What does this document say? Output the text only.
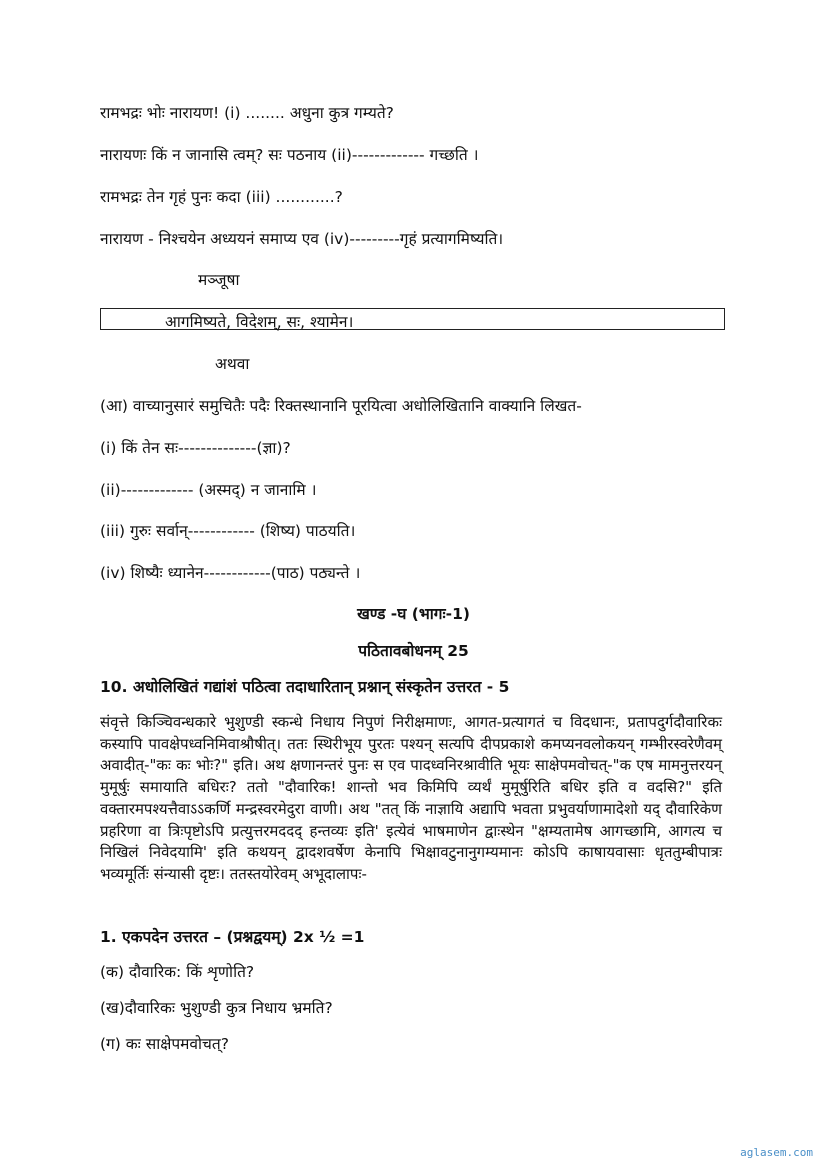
रामभद्रः भोः नारायण! (i) ........ अधुना कुत्र गम्यते?
नारायणः किं न जानासि त्वम्? सः पठनाय (ii)------------- गच्छति ।
रामभद्रः तेन गृहं पुनः कदा (iii) ............?
नारायण - निश्चयेन अध्ययनं समाप्य एव (iv)---------गृहं प्रत्यागमिष्यति।
मञ्जूषा
आगमिष्यते, विदेशम्, सः, श्यामेन।
अथवा
(आ) वाच्यानुसारं समुचितैः पदैः रिक्तस्थानानि पूरयित्वा अधोलिखितानि वाक्यानि लिखत-
(i) किं तेन सः--------------(ज्ञा)?
(ii)------------- (अस्मद्) न जानामि ।
(iii) गुरुः सर्वान्------------ (शिष्य) पाठयति।
(iv) शिष्यैः ध्यानेन------------(पाठ) पठ्यन्ते ।
खण्ड -घ (भागः-1)
पठितावबोधनम् 25
10. अधोलिखितं गद्यांशं पठित्वा तदाधारितान् प्रश्नान् संस्कृतेन उत्तरत - 5
संवृत्ते किञ्चिवन्धकारे भुशुण्डी स्कन्धे निधाय निपुणं निरीक्षमाणः, आगत-प्रत्यागतं च विदधानः, प्रतापदुर्गदौवारिकः कस्यापि पावक्षेपध्वनिमिवाश्रौषीत्। ततः स्थिरीभूय पुरतः पश्यन् सत्यपि दीपप्रकाशे कमप्यनवलोकयन् गम्भीरस्वरेणैवम् अवादीत्-"कः कः भोः?" इति। अथ क्षणानन्तरं पुनः स एव पादध्वनिरश्रावीति भूयः साक्षेपमवोचत्-"क एष मामनुत्तरयन् मुमूर्षुः समायाति बधिरः? ततो "दौवारिक! शान्तो भव किमिपि व्यर्थं मुमूर्षुरिति बधिर इति व वदसि?" इति वक्तारमपश्यत्तैवाऽऽकर्णि मन्द्रस्वरमेदुरा वाणी। अथ "तत् किं नाज्ञायि अद्यापि भवता प्रभुवर्याणामादेशो यद् दौवारिकेण प्रहरिणा वा त्रिःपृष्टोऽपि प्रत्युत्तरमददद् हन्तव्यः इति' इत्येवं भाषमाणेन द्वाःस्थेन "क्षम्यतामेष आगच्छामि, आगत्य च निखिलं निवेदयामि' इति कथयन् द्वादशवर्षेण केनापि भिक्षावटुनानुगम्यमानः कोऽपि काषायवासाः धृततुम्बीपात्रः भव्यमूर्तिः संन्यासी दृष्टः। ततस्तयोरेवम् अभूदालापः-
1. एकपदेन उत्तरत – (प्रश्नद्वयम्) 2x ½ =1
(क) दौवारिक: किं शृणोति?
(ख)दौवारिकः भुशुण्डी कुत्र निधाय भ्रमति?
(ग) कः साक्षेपमवोचत्?
aglasem.com
